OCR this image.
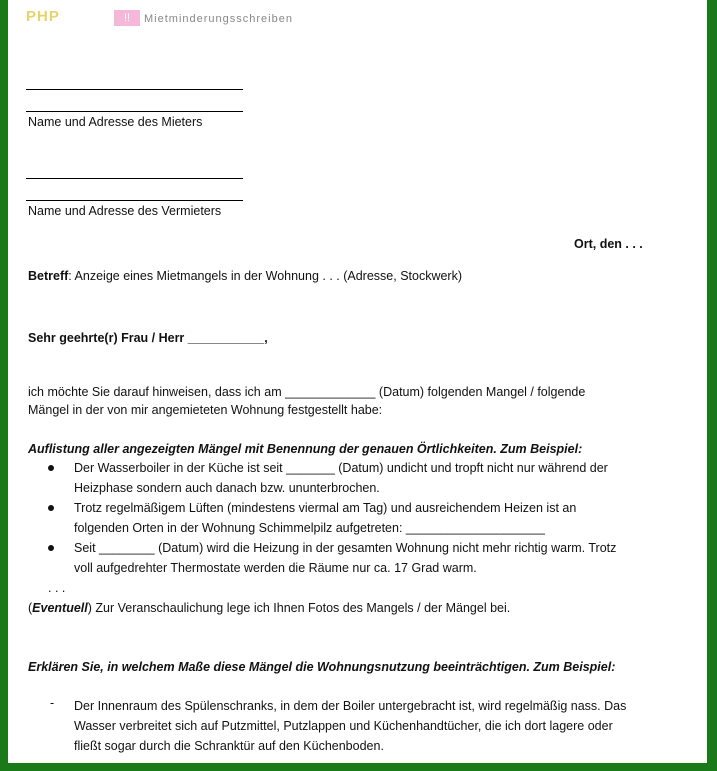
PHP	!!	Mietminderungsschreiben
Name und Adresse des Mieters
Name und Adresse des Vermieters
Ort, den . . .
Betreff: Anzeige eines Mietmangels in der Wohnung . . . (Adresse, Stockwerk)
Sehr geehrte(r) Frau / Herr ___________,
ich möchte Sie darauf hinweisen, dass ich am _____________ (Datum) folgenden Mangel / folgende
Mängel in der von mir angemieteten Wohnung festgestellt habe:
Auflistung aller angezeigten Mängel mit Benennung der genauen Örtlichkeiten. Zum Beispiel:
Der Wasserboiler in der Küche ist seit _______ (Datum) undicht und tropft nicht nur während der
Heizphase sondern auch danach bzw. ununterbrochen.
Trotz regelmäßigem Lüften (mindestens viermal am Tag) und ausreichendem Heizen ist an
folgenden Orten in der Wohnung Schimmelpilz aufgetreten: ____________________
Seit ________ (Datum) wird die Heizung in der gesamten Wohnung nicht mehr richtig warm. Trotz
voll aufgedrehter Thermostate werden die Räume nur ca. 17 Grad warm.
. . .
(Eventuell) Zur Veranschaulichung lege ich Ihnen Fotos des Mangels / der Mängel bei.
Erklären Sie, in welchem Maße diese Mängel die Wohnungsnutzung beeinträchtigen. Zum Beispiel:
- Der Innenraum des Spülenschranks, in dem der Boiler untergebracht ist, wird regelmäßig nass. Das
Wasser verbreitet sich auf Putzmittel, Putzlappen und Küchenhandtücher, die ich dort lagere oder
fließt sogar durch die Schranktür auf den Küchenboden.
